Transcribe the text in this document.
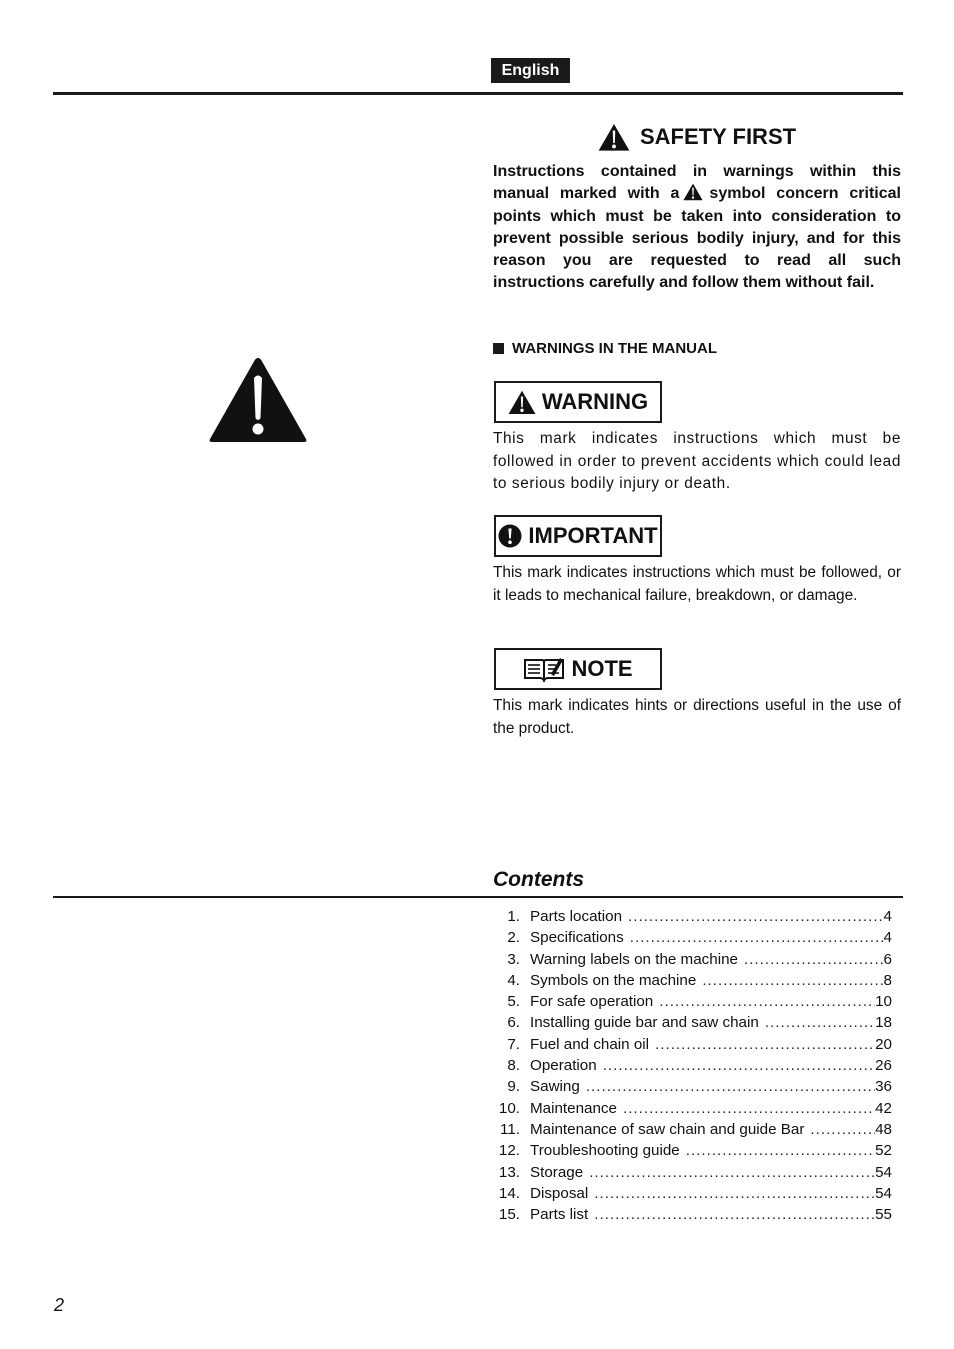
English
SAFETY FIRST
Instructions contained in warnings within this manual marked with a symbol concern critical points which must be taken into consideration to prevent possible serious bodily injury, and for this reason you are requested to read all such instructions carefully and follow them without fail.
WARNINGS IN THE MANUAL
WARNING
This mark indicates instructions which must be followed in order to prevent accidents which could lead to serious bodily injury or death.
IMPORTANT
This mark indicates instructions which must be followed, or it leads to mechanical failure, breakdown, or damage.
NOTE
This mark indicates hints or directions useful in the use of the product.
Contents
1. Parts location .....	4
2. Specifications .....	4
3. Warning labels on the machine .....	6
4. Symbols on the machine .....	8
5. For safe operation .....	10
6. Installing guide bar and saw chain .....	18
7. Fuel and chain oil .....	20
8. Operation .....	26
9. Sawing .....	36
10. Maintenance .....	42
11. Maintenance of saw chain and guide Bar .....	48
12. Troubleshooting guide .....	52
13. Storage .....	54
14. Disposal .....	54
15. Parts list .....	55
2
